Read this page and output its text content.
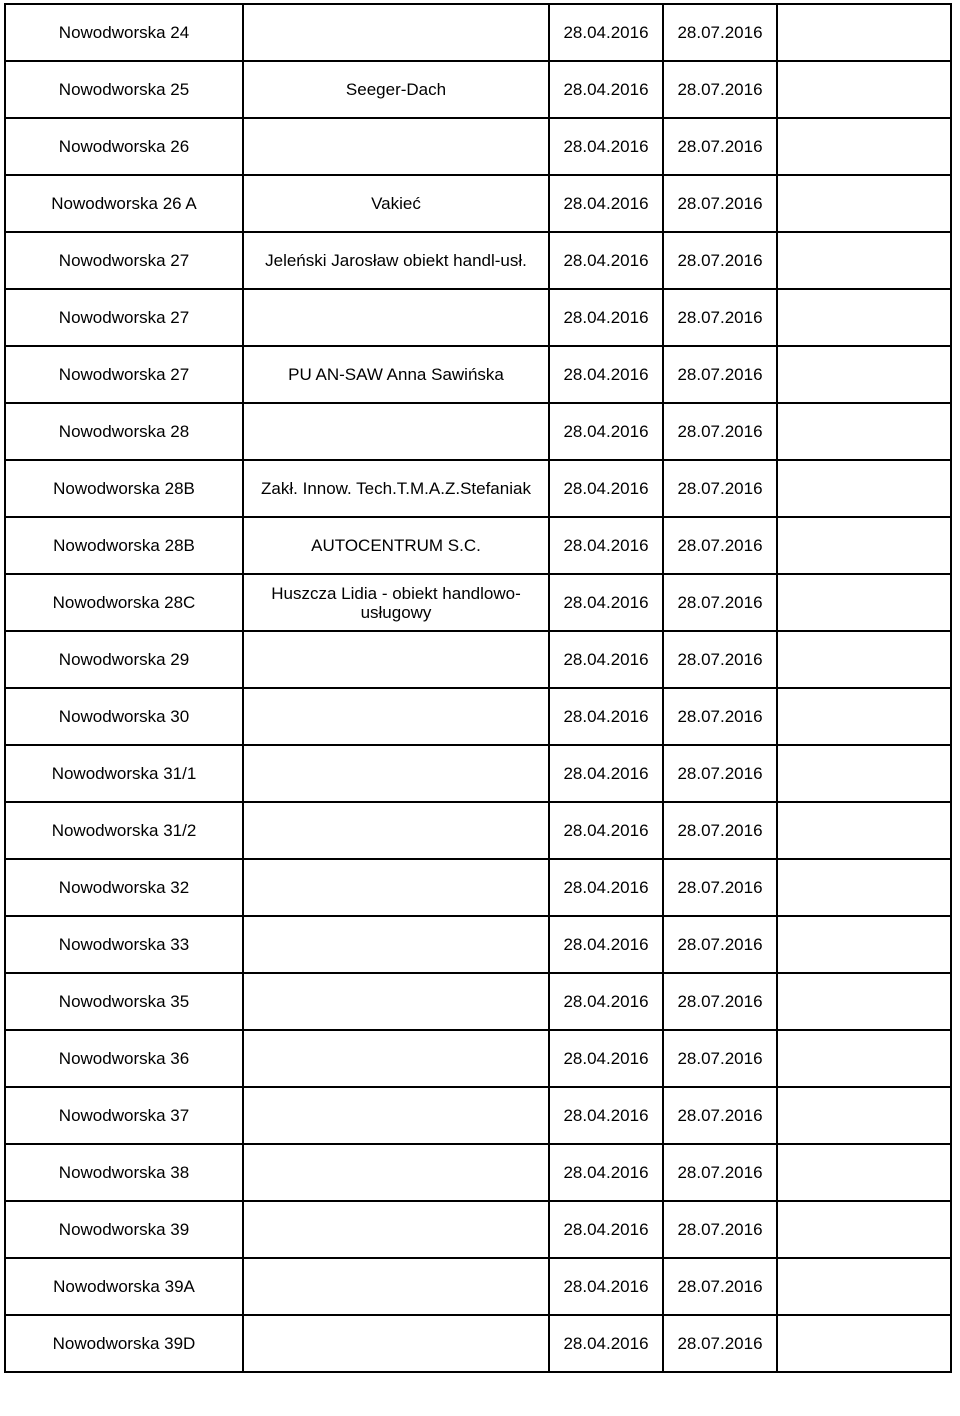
Nowodworska 24		28.04.2016	28.07.2016	
Nowodworska 25	Seeger-Dach	28.04.2016	28.07.2016	
Nowodworska 26		28.04.2016	28.07.2016	
Nowodworska 26 A	Vakieć	28.04.2016	28.07.2016	
Nowodworska 27	Jeleński Jarosław obiekt handl-usł.	28.04.2016	28.07.2016	
Nowodworska 27		28.04.2016	28.07.2016	
Nowodworska 27	PU AN-SAW Anna Sawińska	28.04.2016	28.07.2016	
Nowodworska 28		28.04.2016	28.07.2016	
Nowodworska 28B	Zakł. Innow. Tech.T.M.A.Z.Stefaniak	28.04.2016	28.07.2016	
Nowodworska 28B	AUTOCENTRUM S.C.	28.04.2016	28.07.2016	
Nowodworska 28C	Huszcza Lidia - obiekt handlowo-usługowy	28.04.2016	28.07.2016	
Nowodworska 29		28.04.2016	28.07.2016	
Nowodworska 30		28.04.2016	28.07.2016	
Nowodworska 31/1		28.04.2016	28.07.2016	
Nowodworska 31/2		28.04.2016	28.07.2016	
Nowodworska 32		28.04.2016	28.07.2016	
Nowodworska 33		28.04.2016	28.07.2016	
Nowodworska 35		28.04.2016	28.07.2016	
Nowodworska 36		28.04.2016	28.07.2016	
Nowodworska 37		28.04.2016	28.07.2016	
Nowodworska 38		28.04.2016	28.07.2016	
Nowodworska 39		28.04.2016	28.07.2016	
Nowodworska 39A		28.04.2016	28.07.2016	
Nowodworska 39D		28.04.2016	28.07.2016	
